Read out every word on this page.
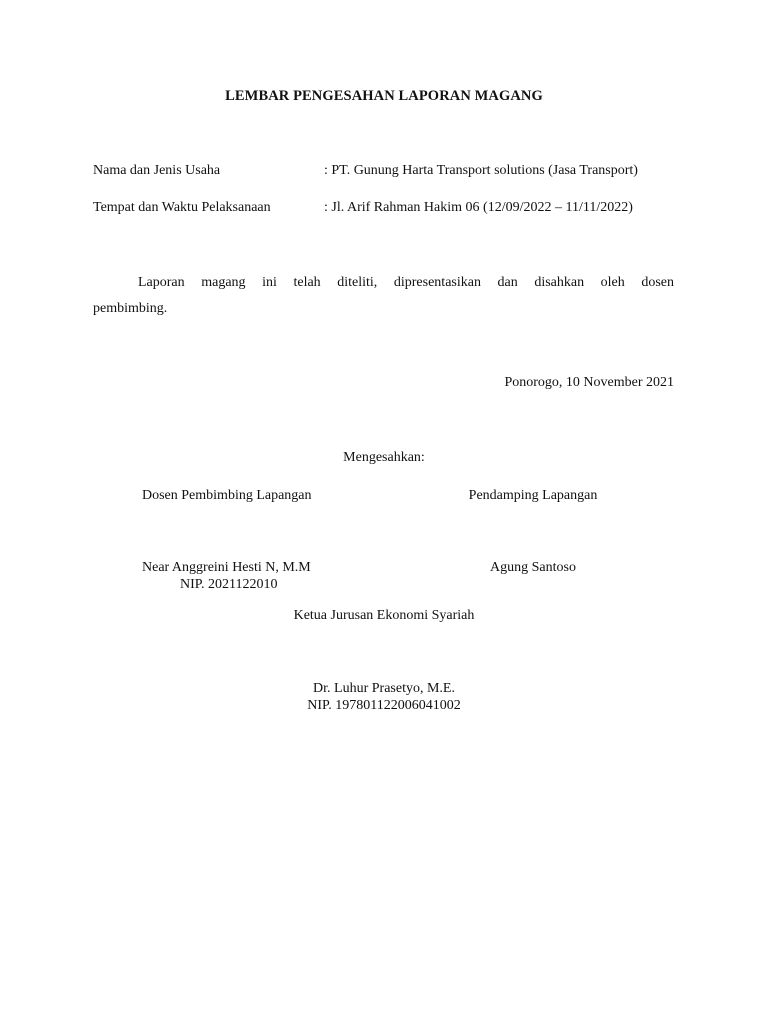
LEMBAR PENGESAHAN LAPORAN MAGANG
Nama dan Jenis Usaha	: PT. Gunung Harta Transport solutions (Jasa Transport)
Tempat dan Waktu Pelaksanaan	: Jl. Arif Rahman Hakim 06 (12/09/2022 – 11/11/2022)
Laporan magang ini telah diteliti, dipresentasikan dan disahkan oleh dosen
pembimbing.
Ponorogo, 10 November 2021
Mengesahkan:
Dosen Pembimbing Lapangan	Pendamping Lapangan
Near Anggreini Hesti N, M.M	Agung Santoso
NIP. 2021122010
Ketua Jurusan Ekonomi Syariah
Dr. Luhur Prasetyo, M.E.
NIP. 197801122006041002
